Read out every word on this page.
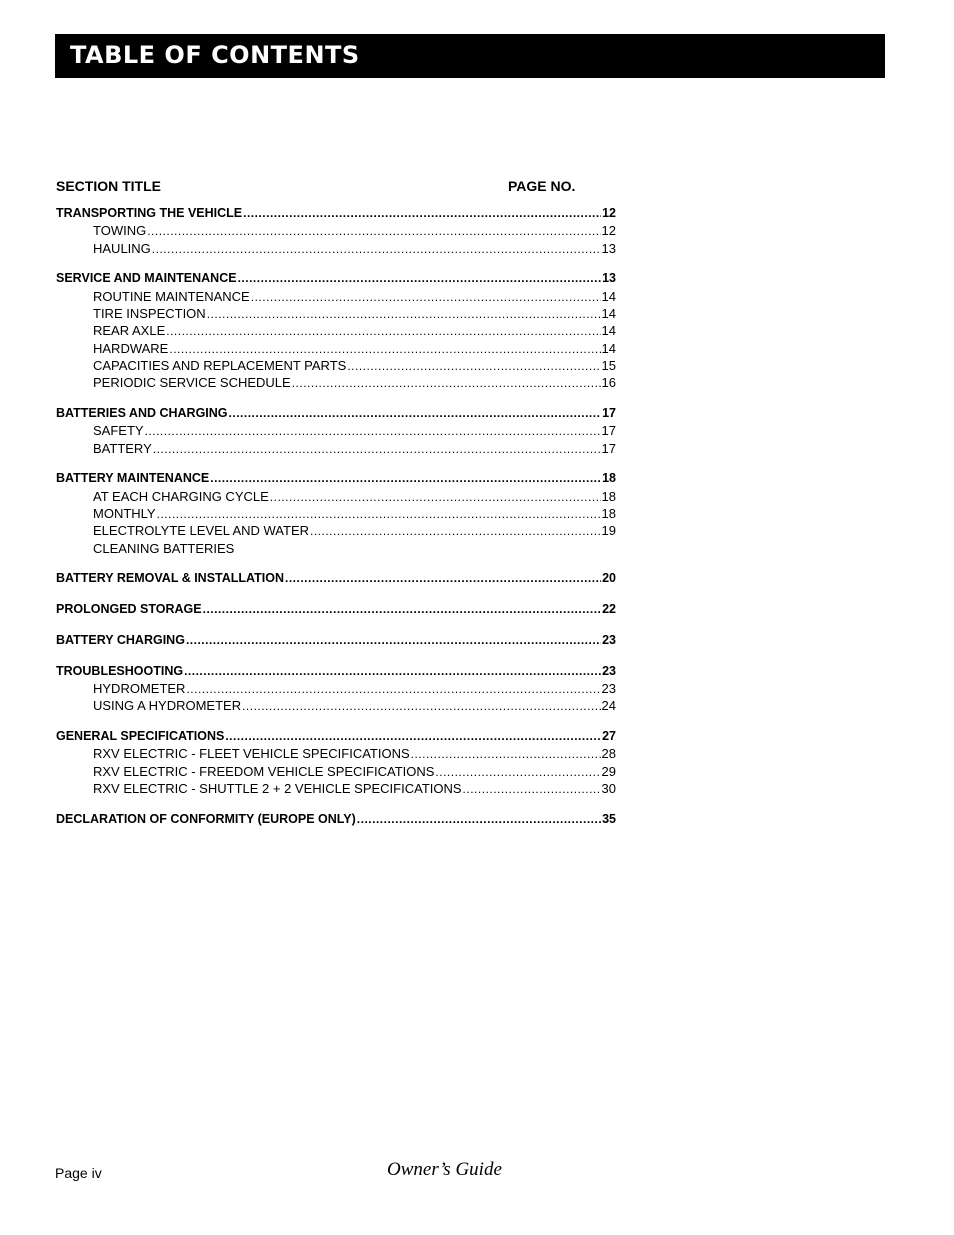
TABLE OF CONTENTS
SECTION TITLE	PAGE NO.
TRANSPORTING THE VEHICLE .....	12
TOWING .....	12
HAULING .....	13
SERVICE AND MAINTENANCE .....	13
ROUTINE MAINTENANCE .....	14
TIRE INSPECTION .....	14
REAR AXLE .....	14
HARDWARE .....	14
CAPACITIES AND REPLACEMENT PARTS .....	15
PERIODIC SERVICE SCHEDULE .....	16
BATTERIES AND CHARGING .....	17
SAFETY .....	17
BATTERY .....	17
BATTERY MAINTENANCE .....	18
AT EACH CHARGING CYCLE .....	18
MONTHLY .....	18
ELECTROLYTE LEVEL AND WATER .....	19
CLEANING BATTERIES
BATTERY REMOVAL & INSTALLATION .....	20
PROLONGED STORAGE .....	22
BATTERY CHARGING .....	23
TROUBLESHOOTING .....	23
HYDROMETER .....	23
USING A HYDROMETER .....	24
GENERAL SPECIFICATIONS .....	27
RXV ELECTRIC - FLEET VEHICLE SPECIFICATIONS .....	28
RXV ELECTRIC - FREEDOM VEHICLE SPECIFICATIONS .....	29
RXV ELECTRIC - SHUTTLE 2 + 2 VEHICLE SPECIFICATIONS .....	30
DECLARATION OF CONFORMITY (EUROPE ONLY) .....	35
Page iv	Owner’s Guide
